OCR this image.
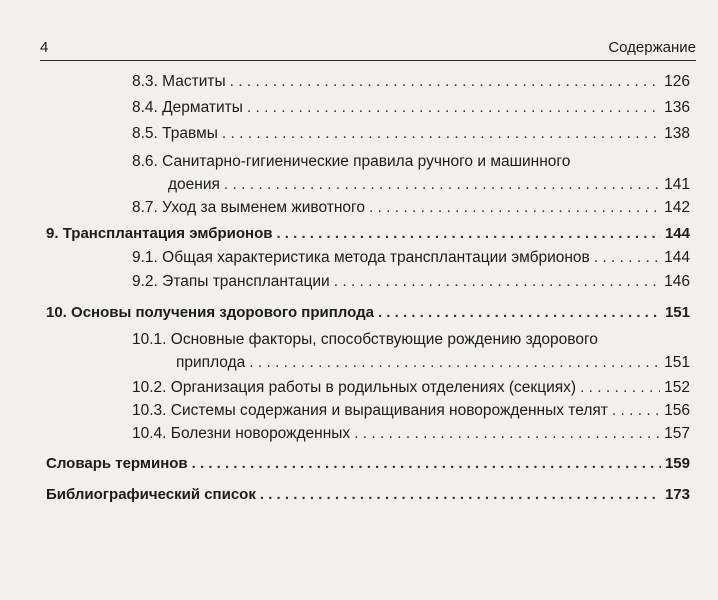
4	Содержание
8.3. Маститы . . .	126
8.4. Дерматиты . . .	136
8.5. Травмы . . .	138
8.6. Санитарно-гигиенические правила ручного и машинного
доения . . .	141
8.7. Уход за выменем животного . . .	142
9. Трансплантация эмбрионов . . .	144
9.1. Общая характеристика метода трансплантации эмбрионов . . .	144
9.2. Этапы трансплантации . . .	146
10. Основы получения здорового приплода . . .	151
10.1. Основные факторы, способствующие рождению здорового
приплода . . .	151
10.2. Организация работы в родильных отделениях (секциях) . . .	152
10.3. Системы содержания и выращивания новорожденных телят . . .	156
10.4. Болезни новорожденных . . .	157
Словарь терминов . . .	159
Библиографический список . . .	173
